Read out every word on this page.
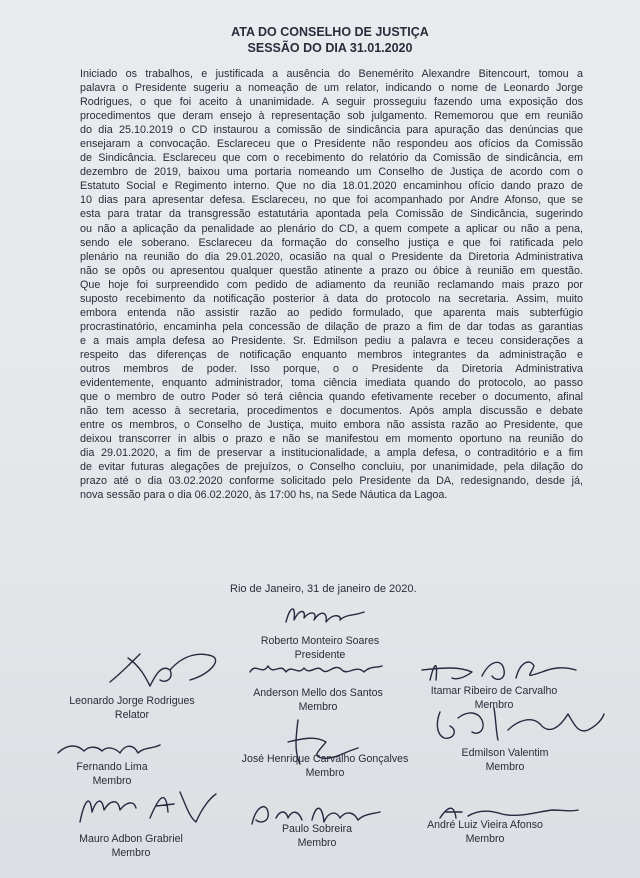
ATA DO CONSELHO DE JUSTIÇA
SESSÃO DO DIA 31.01.2020
Iniciado os trabalhos, e justificada a ausência do Benemérito Alexandre Bitencourt, tomou a
palavra o Presidente sugeriu a nomeação de um relator, indicando o nome de Leonardo Jorge
Rodrigues, o que foi aceito à unanimidade. A seguir prosseguiu fazendo uma exposição dos
procedimentos que deram ensejo à representação sob julgamento. Rememorou que em reunião
do dia 25.10.2019 o CD instaurou a comissão de sindicância para apuração das denúncias que
ensejaram a convocação. Esclareceu que o Presidente não respondeu aos ofícios da Comissão
de Sindicância. Esclareceu que com o recebimento do relatório da Comissão de sindicância, em
dezembro de 2019, baixou uma portaria nomeando um Conselho de Justiça de acordo com o
Estatuto Social e Regimento interno. Que no dia 18.01.2020 encaminhou ofício dando prazo de
10 dias para apresentar defesa. Esclareceu, no que foi acompanhado por Andre Afonso, que se
esta para tratar da transgressão estatutária apontada pela Comissão de Sindicância, sugerindo
ou não a aplicação da penalidade ao plenário do CD, a quem compete a aplicar ou não a pena,
sendo ele soberano. Esclareceu da formação do conselho justiça e que foi ratificada pelo
plenário na reunião do dia 29.01.2020, ocasião na qual o Presidente da Diretoria Administrativa
não se opôs ou apresentou qualquer questão atinente a prazo ou óbice à reunião em questão.
Que hoje foi surpreendido com pedido de adiamento da reunião reclamando mais prazo por
suposto recebimento da notificação posterior à data do protocolo na secretaria. Assim, muito
embora entenda não assistir razão ao pedido formulado, que aparenta mais subterfúgio
procrastinatório, encaminha pela concessão de dilação de prazo a fim de dar todas as garantias
e a mais ampla defesa ao Presidente. Sr. Edmilson pediu a palavra e teceu considerações a
respeito das diferenças de notificação enquanto membros integrantes da administração e
outros membros de poder. Isso porque, o o Presidente da Diretoria Administrativa
evidentemente, enquanto administrador, toma ciência imediata quando do protocolo, ao passo
que o membro de outro Poder só terá ciência quando efetivamente receber o documento, afinal
não tem acesso à secretaria, procedimentos e documentos. Após ampla discussão e debate
entre os membros, o Conselho de Justiça, muito embora não assista razão ao Presidente, que
deixou transcorrer in albis o prazo e não se manifestou em momento oportuno na reunião do
dia 29.01.2020, a fim de preservar a institucionalidade, a ampla defesa, o contraditório e a fim
de evitar futuras alegações de prejuízos, o Conselho concluiu, por unanimidade, pela dilação do
prazo até o dia 03.02.2020 conforme solicitado pelo Presidente da DA, redesignando, desde já,
nova sessão para o dia 06.02.2020, às 17:00 hs, na Sede Náutica da Lagoa.
Rio de Janeiro, 31 de janeiro de 2020.
Roberto Monteiro Soares
Presidente
Leonardo Jorge Rodrigues
Relator
Anderson Mello dos Santos
Membro
Itamar Ribeiro de Carvalho
Membro
Fernando Lima
Membro
José Henrique Carvalho Gonçalves
Membro
Edmilson Valentim
Membro
Mauro Adbon Grabriel
Membro
Paulo Sobreira
Membro
André Luiz Vieira Afonso
Membro
